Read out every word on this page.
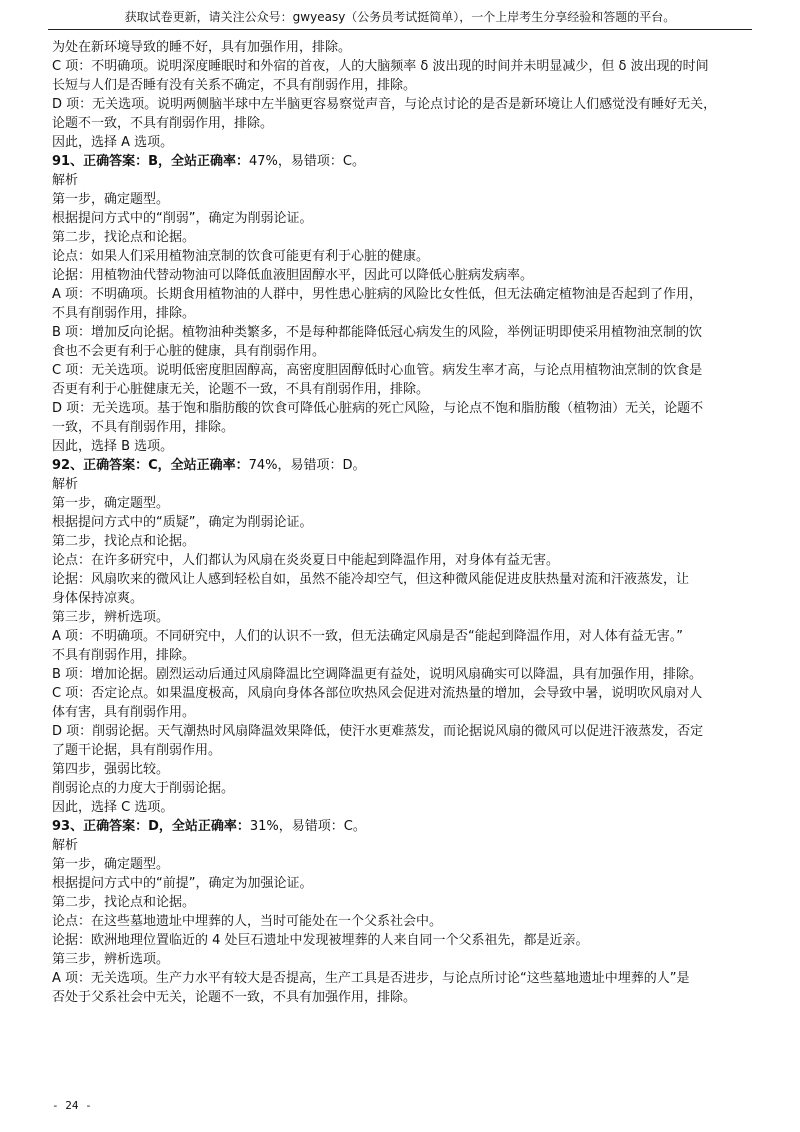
获取试卷更新，请关注公众号：gwyeasy（公务员考试挺简单），一个上岸考生分享经验和答题的平台。
为处在新环境导致的睡不好，具有加强作用，排除。
C 项：不明确项。说明深度睡眠时和外宿的首夜，人的大脑频率 δ 波出现的时间并未明显减少，但 δ 波出现的时间
长短与人们是否睡有没有关系不确定，不具有削弱作用，排除。
D 项：无关选项。说明两侧脑半球中左半脑更容易察觉声音，与论点讨论的是否是新环境让人们感觉没有睡好无关，
论题不一致，不具有削弱作用，排除。
因此，选择 A 选项。
91、正确答案：B，全站正确率：47%，易错项：C。
解析
第一步，确定题型。
根据提问方式中的“削弱”，确定为削弱论证。
第二步，找论点和论据。
论点：如果人们采用植物油烹制的饮食可能更有利于心脏的健康。
论据：用植物油代替动物油可以降低血液胆固醇水平，因此可以降低心脏病发病率。
A 项：不明确项。长期食用植物油的人群中，男性患心脏病的风险比女性低，但无法确定植物油是否起到了作用，
不具有削弱作用，排除。
B 项：增加反向论据。植物油种类繁多，不是每种都能降低冠心病发生的风险，举例证明即使采用植物油烹制的饮
食也不会更有利于心脏的健康，具有削弱作用。
C 项：无关选项。说明低密度胆固醇高，高密度胆固醇低时心血管。病发生率才高，与论点用植物油烹制的饮食是
否更有利于心脏健康无关，论题不一致，不具有削弱作用，排除。
D 项：无关选项。基于饱和脂肪酸的饮食可降低心脏病的死亡风险，与论点不饱和脂肪酸（植物油）无关，论题不
一致，不具有削弱作用，排除。
因此，选择 B 选项。
92、正确答案：C，全站正确率：74%，易错项：D。
解析
第一步，确定题型。
根据提问方式中的“质疑”，确定为削弱论证。
第二步，找论点和论据。
论点：在许多研究中，人们都认为风扇在炎炎夏日中能起到降温作用，对身体有益无害。
论据：风扇吹来的微风让人感到轻松自如，虽然不能冷却空气，但这种微风能促进皮肤热量对流和汗液蒸发，让
身体保持凉爽。
第三步，辨析选项。
A 项：不明确项。不同研究中，人们的认识不一致，但无法确定风扇是否“能起到降温作用，对人体有益无害。”
不具有削弱作用，排除。
B 项：增加论据。剧烈运动后通过风扇降温比空调降温更有益处，说明风扇确实可以降温，具有加强作用，排除。
C 项：否定论点。如果温度极高，风扇向身体各部位吹热风会促进对流热量的增加，会导致中暑，说明吹风扇对人
体有害，具有削弱作用。
D 项：削弱论据。天气潮热时风扇降温效果降低，使汗水更难蒸发，而论据说风扇的微风可以促进汗液蒸发，否定
了题干论据，具有削弱作用。
第四步，强弱比较。
削弱论点的力度大于削弱论据。
因此，选择 C 选项。
93、正确答案：D，全站正确率：31%，易错项：C。
解析
第一步，确定题型。
根据提问方式中的“前提”，确定为加强论证。
第二步，找论点和论据。
论点：在这些墓地遗址中埋葬的人，当时可能处在一个父系社会中。
论据：欧洲地理位置临近的 4 处巨石遗址中发现被埋葬的人来自同一个父系祖先，都是近亲。
第三步，辨析选项。
A 项：无关选项。生产力水平有较大是否提高，生产工具是否进步，与论点所讨论“这些墓地遗址中埋葬的人”是
否处于父系社会中无关，论题不一致，不具有加强作用，排除。
- 24 -
